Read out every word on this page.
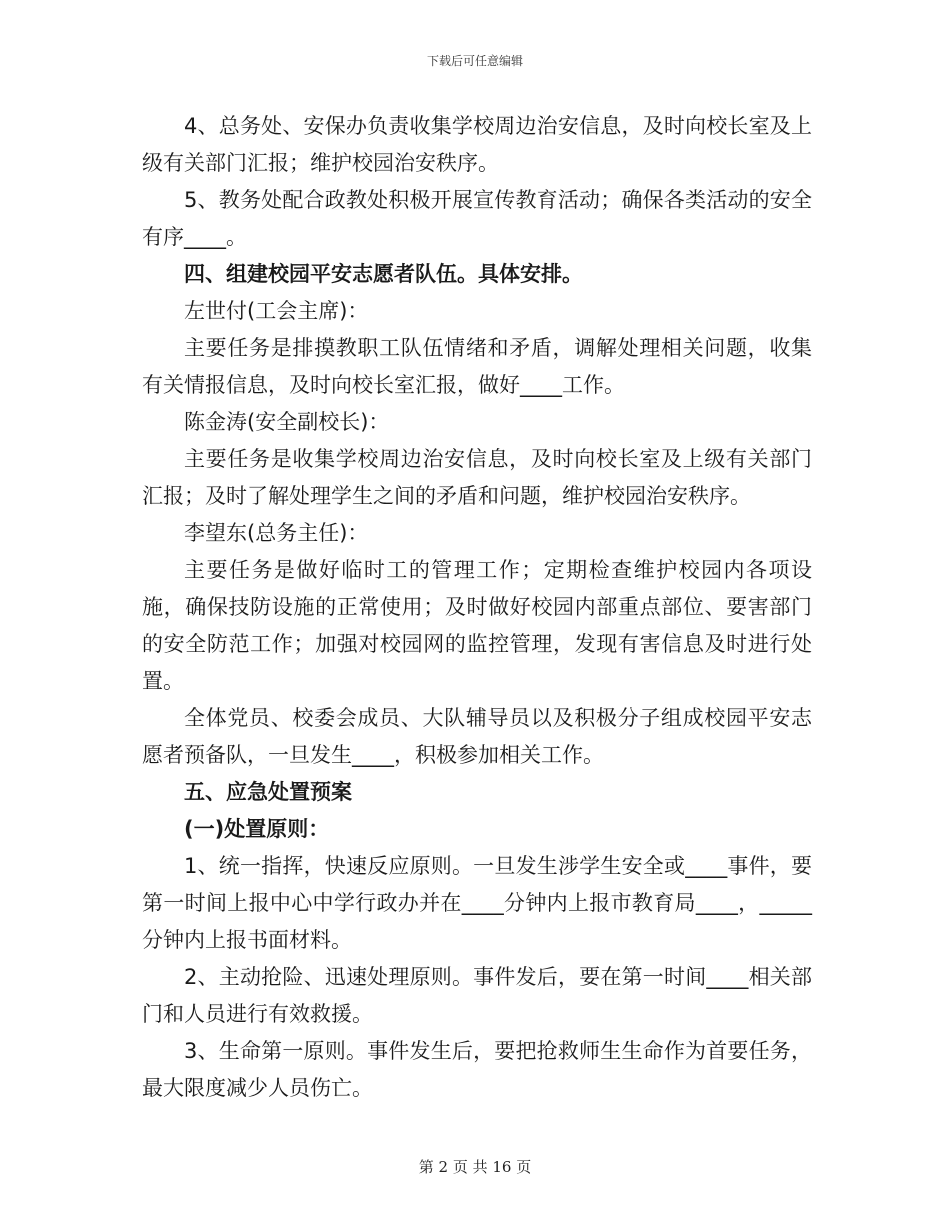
下载后可任意编辑

4、总务处、安保办负责收集学校周边治安信息，及时向校长室及上级有关部门汇报；维护校园治安秩序。

5、教务处配合政教处积极开展宣传教育活动；确保各类活动的安全有序____。

四、组建校园平安志愿者队伍。具体安排。

左世付(工会主席)：

主要任务是排摸教职工队伍情绪和矛盾，调解处理相关问题，收集有关情报信息，及时向校长室汇报，做好____工作。

陈金涛(安全副校长)：

主要任务是收集学校周边治安信息，及时向校长室及上级有关部门汇报；及时了解处理学生之间的矛盾和问题，维护校园治安秩序。

李望东(总务主任)：

主要任务是做好临时工的管理工作；定期检查维护校园内各项设施，确保技防设施的正常使用；及时做好校园内部重点部位、要害部门的安全防范工作；加强对校园网的监控管理，发现有害信息及时进行处置。

全体党员、校委会成员、大队辅导员以及积极分子组成校园平安志愿者预备队，一旦发生____，积极参加相关工作。

五、应急处置预案

(一)处置原则：

1、统一指挥，快速反应原则。一旦发生涉学生安全或____事件，要第一时间上报中心中学行政办并在____分钟内上报市教育局____，_____分钟内上报书面材料。

2、主动抢险、迅速处理原则。事件发后，要在第一时间____相关部门和人员进行有效救援。

3、生命第一原则。事件发生后，要把抢救师生生命作为首要任务，最大限度减少人员伤亡。

第 2 页 共 16 页
